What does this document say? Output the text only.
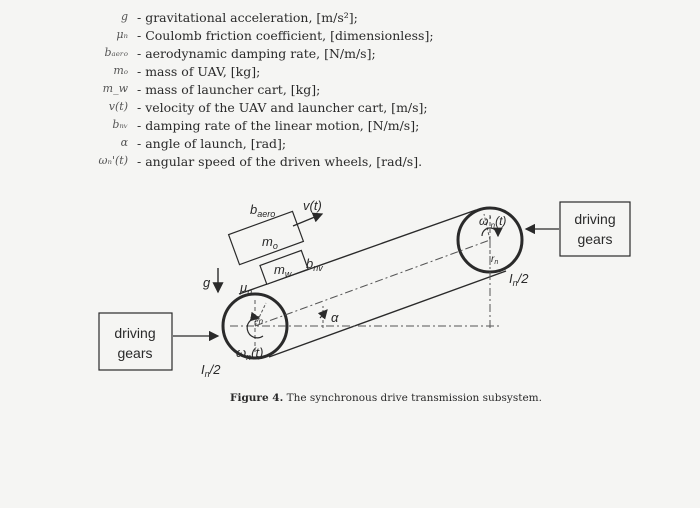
g - gravitational acceleration, [m/s²];
μₙ - Coulomb friction coefficient, [dimensionless];
bₐₑᵣₒ - aerodynamic damping rate, [N/m/s];
mₒ - mass of UAV, [kg];
m_w - mass of launcher cart, [kg];
v(t) - velocity of the UAV and launcher cart, [m/s];
bₙᵥ - damping rate of the linear motion, [N/m/s];
α - angle of launch, [rad];
ωₙ'(t) - angular speed of the driven wheels, [rad/s].
$b_{aero}$
v(t)
$m_o$
$m_w$
$b_{nv}$
g $\mu_n$
rn
$\omega_n(t)$
$\omega'_n(t)$
$r_n$
α
$I_n/2$
$I_n/2$
driving
gears
driving
gears
Figure 4. The synchronous drive transmission subsystem.
